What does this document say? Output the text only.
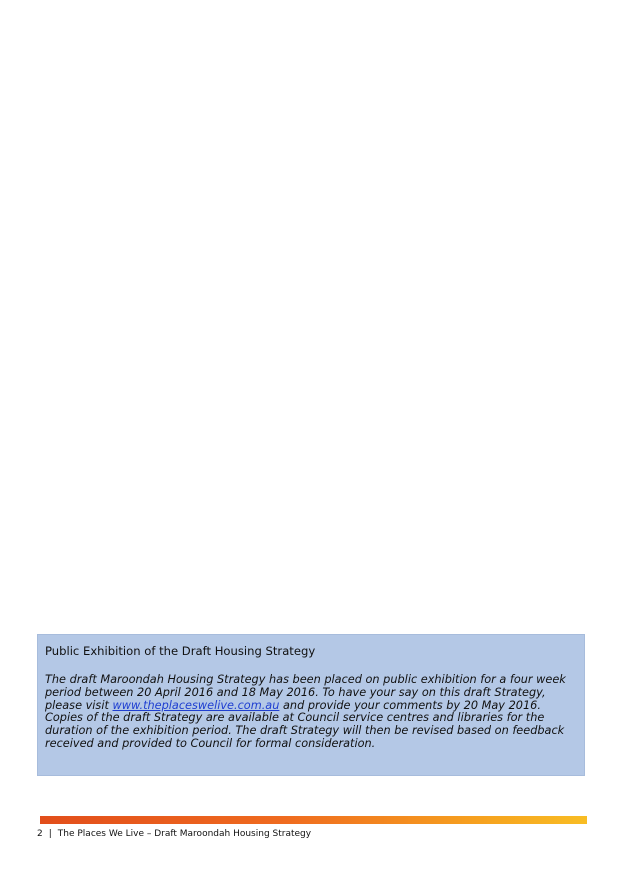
Public Exhibition of the Draft Housing Strategy

The draft Maroondah Housing Strategy has been placed on public exhibition for a four week
period between 20 April 2016 and 18 May 2016. To have your say on this draft Strategy,
please visit www.theplaceswelive.com.au and provide your comments by 20 May 2016.
Copies of the draft Strategy are available at Council service centres and libraries for the
duration of the exhibition period. The draft Strategy will then be revised based on feedback
received and provided to Council for formal consideration.

2 | The Places We Live – Draft Maroondah Housing Strategy
